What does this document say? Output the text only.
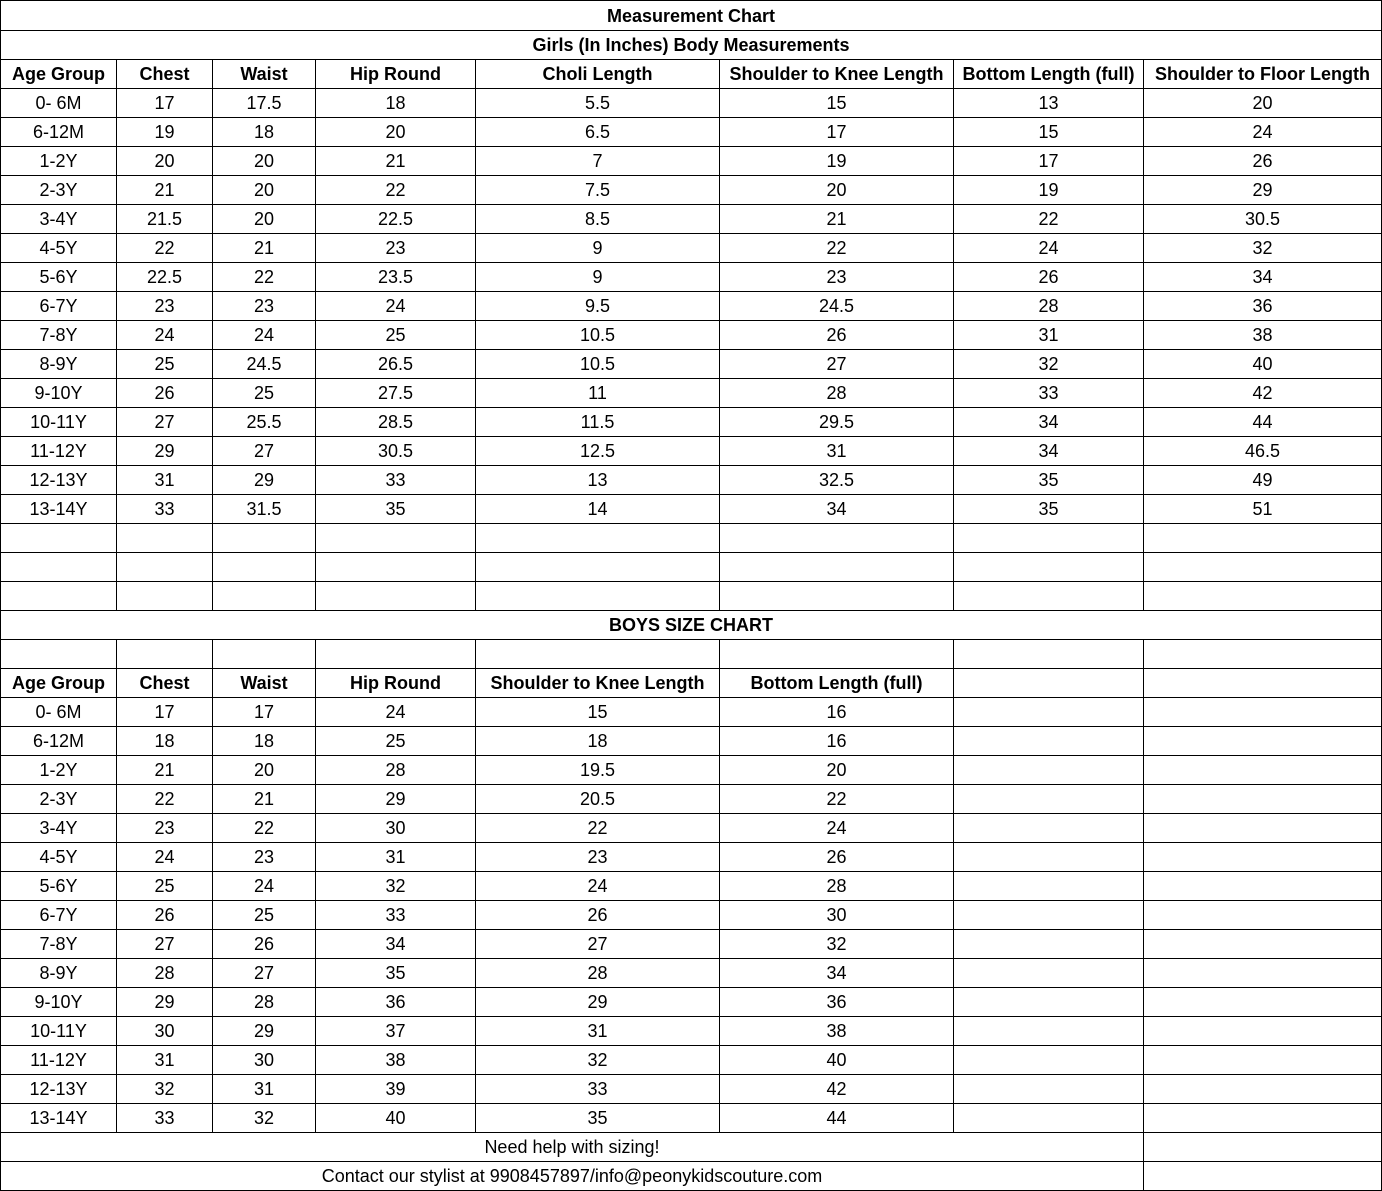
Measurement Chart							
Girls (In Inches) Body Measurements							
Age Group	Chest	Waist	Hip Round	Choli Length	Shoulder to Knee Length	Bottom Length (full)	Shoulder to Floor Length
0- 6M	17	17.5	18	5.5	15	13	20
6-12M	19	18	20	6.5	17	15	24
1-2Y	20	20	21	7	19	17	26
2-3Y	21	20	22	7.5	20	19	29
3-4Y	21.5	20	22.5	8.5	21	22	30.5
4-5Y	22	21	23	9	22	24	32
5-6Y	22.5	22	23.5	9	23	26	34
6-7Y	23	23	24	9.5	24.5	28	36
7-8Y	24	24	25	10.5	26	31	38
8-9Y	25	24.5	26.5	10.5	27	32	40
9-10Y	26	25	27.5	11	28	33	42
10-11Y	27	25.5	28.5	11.5	29.5	34	44
11-12Y	29	27	30.5	12.5	31	34	46.5
12-13Y	31	29	33	13	32.5	35	49
13-14Y	33	31.5	35	14	34	35	51

BOYS SIZE CHART							

Age Group	Chest	Waist	Hip Round	Shoulder to Knee Length	Bottom Length (full)		
0- 6M	17	17	24	15	16		
6-12M	18	18	25	18	16		
1-2Y	21	20	28	19.5	20		
2-3Y	22	21	29	20.5	22		
3-4Y	23	22	30	22	24		
4-5Y	24	23	31	23	26		
5-6Y	25	24	32	24	28		
6-7Y	26	25	33	26	30		
7-8Y	27	26	34	27	32		
8-9Y	28	27	35	28	34		
9-10Y	29	28	36	29	36		
10-11Y	30	29	37	31	38		
11-12Y	31	30	38	32	40		
12-13Y	32	31	39	33	42		
13-14Y	33	32	40	35	44		
Need help with sizing!							
Contact our stylist at 9908457897/info@peonykidscouture.com							
